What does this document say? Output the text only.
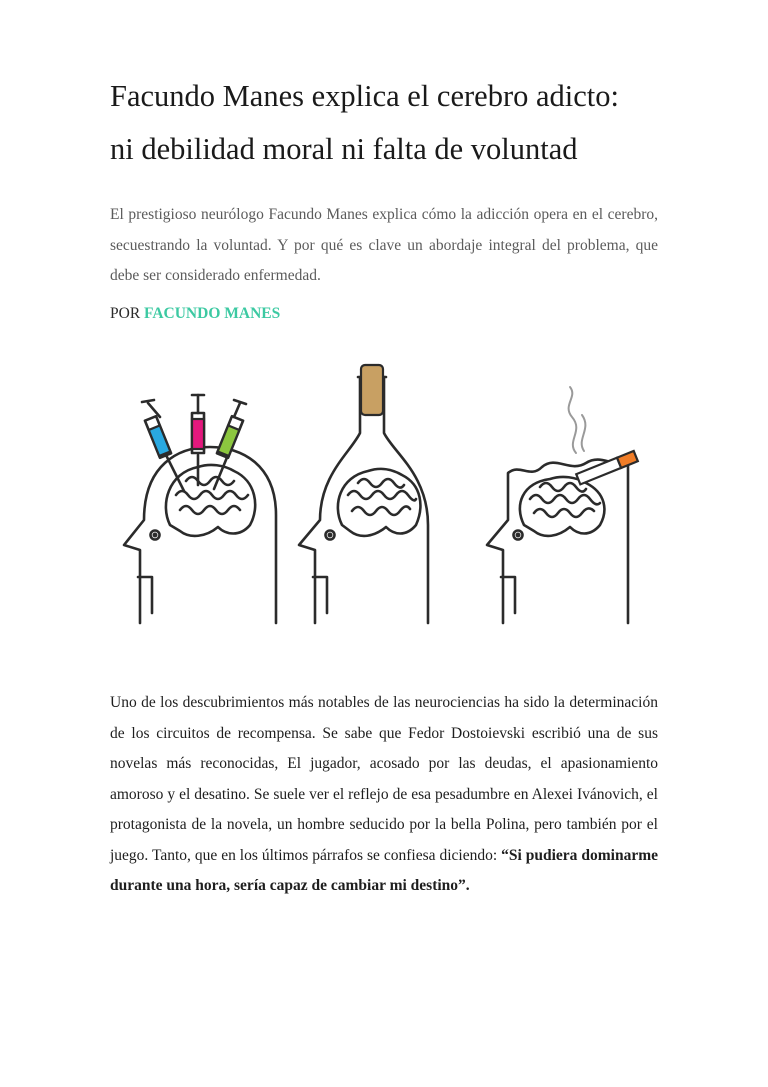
Facundo Manes explica el cerebro adicto:
ni debilidad moral ni falta de voluntad

El prestigioso neurólogo Facundo Manes explica cómo la adicción opera en el cerebro, secuestrando la voluntad. Y por qué es clave un abordaje integral del problema, que debe ser considerado enfermedad.

POR FACUNDO MANES

Uno de los descubrimientos más notables de las neurociencias ha sido la determinación de los circuitos de recompensa. Se sabe que Fedor Dostoievski escribió una de sus novelas más reconocidas, El jugador, acosado por las deudas, el apasionamiento amoroso y el desatino. Se suele ver el reflejo de esa pesadumbre en Alexei Ivánovich, el protagonista de la novela, un hombre seducido por la bella Polina, pero también por el juego. Tanto, que en los últimos párrafos se confiesa diciendo: “Si pudiera dominarme durante una hora, sería capaz de cambiar mi destino”.
